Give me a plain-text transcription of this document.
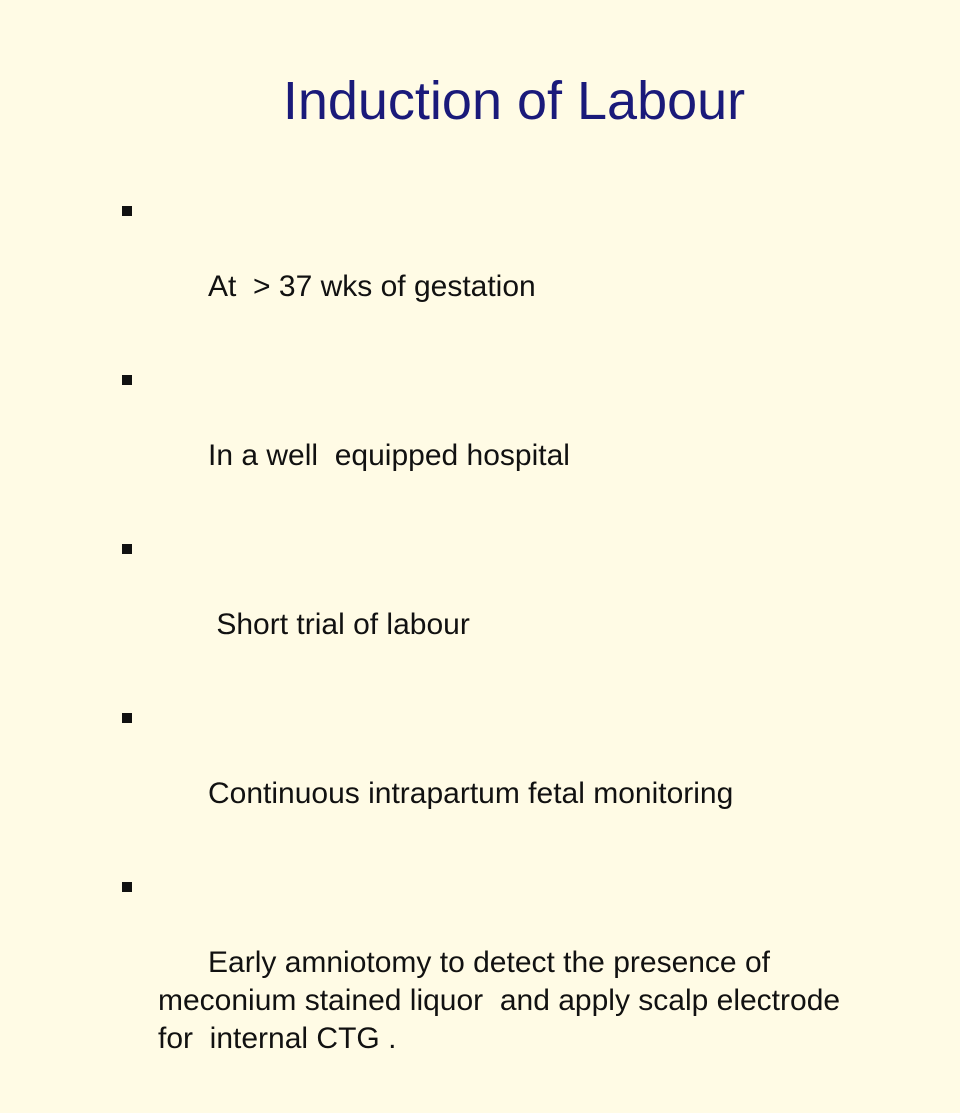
Induction of Labour

At  > 37 wks of gestation

In a well  equipped hospital

Short trial of labour

Continuous intrapartum fetal monitoring

Early amniotomy to detect the presence of meconium stained liquor  and apply scalp electrode for  internal CTG .
